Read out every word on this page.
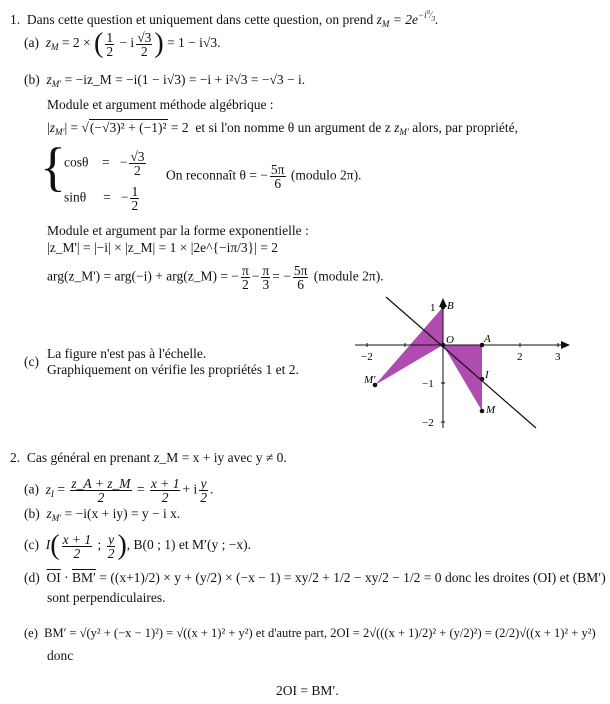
1. Dans cette question et uniquement dans cette question, on prend $z_M = 2e^{-i^\pi⁄_3}$.
(a) $z_M = 2$ × ( $\frac{1}{2} - i \frac{√3}{2}$ ) = 1 − i√3.
(b) $z_{M'}$ = −iz_M = −i(1 − i√3) = −i + i²√3 = −√3 − i.
Module et argument méthode algébrique :
$|z_{M'}| = √(-√3)^2 + (-1)^2 = 2$  et si l'on nomme θ un argument de z $z_{M'}$ alors, par propriété,
{
cosθ = − $\frac{√3}{2}$ On reconnaît θ = − $\frac{5\pi}{6}$ (modulo 2π).
sinθ = − $\frac{1}{2}$
Module et argument par la forme exponentielle :
|z_M'| = |−i| × |z_M| = 1 × |2e^{−iπ/3}| = 2
arg(z_M') = arg(−i) + arg(z_M) = − $\frac{\pi}{2} - \frac{\pi}{3}$ = − $\frac{5\pi}{6}$ (module 2π).
(c)
La figure n'est pas à l'échelle.
Graphiquement on vérifie les propriétés 1 et 2.
−2	2	3
1
−1
−2
B
O	A
I
M
M′
2. Cas général en prenant z_M = x + iy avec y ≠ 0.
(a) $z_I = \frac{z\_A + z\_M}{2} = \frac{x + 1}{2} + i \frac{y}{2}$ .
(b) $z_{M'} = -i(x + iy) = y - i$ x.
(c) $I( \frac{x + 1}{2}$ ; $\frac{y}{2}$ ), B(0 ; 1) et M′(y ; −x).
(d) $\overline{OI} \cdot BM' = ((x+1)/2) \times y + (y/2) \times (-x - 1) = xy/2 + 1/2 - xy/2 - 1/2 = 0$ donc les droites (OI) et (BM′)
sont perpendiculaires.
(e) BM′ = √(y² + (−x − 1)²) = √((x + 1)² + y²) et d'autre part, 2OI = 2√(((x + 1)/2)² + (y/2)²) = (2/2)√((x + 1)² + y²)
donc
2OI = BM′.
